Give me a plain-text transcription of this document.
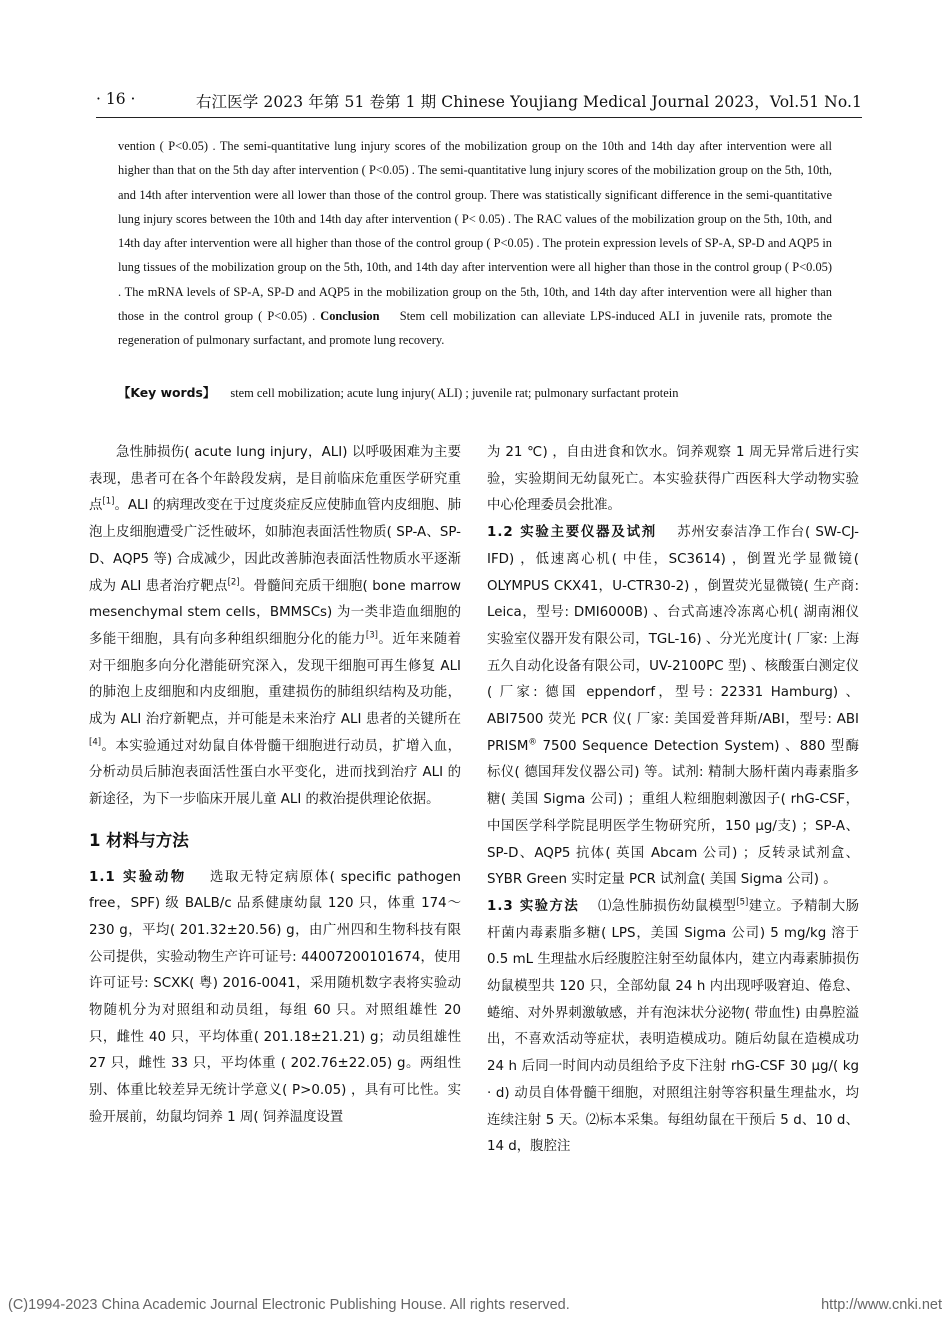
· 16 ·	右江医学 2023 年第 51 卷第 1 期 Chinese Youjiang Medical Journal 2023，Vol.51 No.1

vention ( P<0.05) . The semi-quantitative lung injury scores of the mobilization group on the 10th and 14th day after intervention were all higher than that on the 5th day after intervention ( P<0.05) . The semi-quantitative lung injury scores of the mobilization group on the 5th, 10th, and 14th after intervention were all lower than those of the control group. There was statistically significant difference in the semi-quantitative lung injury scores between the 10th and 14th day after intervention ( P< 0.05) . The RAC values of the mobilization group on the 5th, 10th, and 14th day after intervention were all higher than those of the control group ( P<0.05) . The protein expression levels of SP-A, SP-D and AQP5 in lung tissues of the mobilization group on the 5th, 10th, and 14th day after intervention were all higher than those in the control group ( P<0.05) . The mRNA levels of SP-A, SP-D and AQP5 in the mobilization group on the 5th, 10th, and 14th day after intervention were all higher than those in the control group ( P<0.05) . Conclusion Stem cell mobilization can alleviate LPS-induced ALI in juvenile rats, promote the regeneration of pulmonary surfactant, and promote lung recovery.

【Key words】 stem cell mobilization; acute lung injury( ALI) ; juvenile rat; pulmonary surfactant protein

急性肺损伤( acute lung injury，ALI) 以呼吸困难为主要表现，患者可在各个年龄段发病，是目前临床危重医学研究重点[1]。ALI 的病理改变在于过度炎症反应使肺血管内皮细胞、肺泡上皮细胞遭受广泛性破坏，如肺泡表面活性物质( SP-A、SP-D、AQP5 等) 合成减少，因此改善肺泡表面活性物质水平逐渐成为 ALI 患者治疗靶点[2]。骨髓间充质干细胞( bone marrow mesenchymal stem cells，BMMSCs) 为一类非造血细胞的多能干细胞，具有向多种组织细胞分化的能力[3]。近年来随着对干细胞多向分化潜能研究深入，发现干细胞可再生修复 ALI 的肺泡上皮细胞和内皮细胞，重建损伤的肺组织结构及功能，成为 ALI 治疗新靶点，并可能是未来治疗 ALI 患者的关键所在[4]。本实验通过对幼鼠自体骨髓干细胞进行动员，扩增入血，分析动员后肺泡表面活性蛋白水平变化，进而找到治疗 ALI 的新途径，为下一步临床开展儿童 ALI 的救治提供理论依据。

1 材料与方法

1.1 实验动物 选取无特定病原体( specific pathogen free，SPF) 级 BALB/c 品系健康幼鼠 120 只，体重 174～230 g，平均( 201.32±20.56) g，由广州四和生物科技有限公司提供，实验动物生产许可证号: 44007200101674，使用许可证号: SCXK( 粤) 2016-0041，采用随机数字表将实验动物随机分为对照组和动员组，每组 60 只。对照组雄性 20 只，雌性 40 只，平均体重( 201.18±21.21) g；动员组雄性 27 只，雌性 33 只，平均体重 ( 202.76±22.05) g。两组性别、体重比较差异无统计学意义( P>0.05) ，具有可比性。实验开展前，幼鼠均饲养 1 周( 饲养温度设置

为 21 ℃) ，自由进食和饮水。饲养观察 1 周无异常后进行实验，实验期间无幼鼠死亡。本实验获得广西医科大学动物实验中心伦理委员会批准。

1.2 实验主要仪器及试剂 苏州安泰洁净工作台( SW-CJ-IFD) ，低速离心机( 中佳，SC3614) ，倒置光学显微镜( OLYMPUS CKX41，U-CTR30-2) ，倒置荧光显微镜( 生产商: Leica，型号: DMI6000B) 、台式高速冷冻离心机( 湖南湘仪实验室仪器开发有限公司，TGL-16) 、分光光度计( 厂家: 上海五久自动化设备有限公司，UV-2100PC 型) 、核酸蛋白测定仪( 厂家: 德国 eppendorf，型号: 22331 Hamburg) 、ABI7500 荧光 PCR 仪( 厂家: 美国爱普拜斯/ABI，型号: ABI PRISM® 7500 Sequence Detection System) 、880 型酶标仪( 德国拜发仪器公司) 等。试剂: 精制大肠杆菌内毒素脂多糖( 美国 Sigma 公司) ；重组人粒细胞刺激因子( rhG-CSF，中国医学科学院昆明医学生物研究所，150 μg/支) ；SP-A、SP-D、AQP5 抗体( 英国 Abcam 公司) ；反转录试剂盒、SYBR Green 实时定量 PCR 试剂盒( 美国 Sigma 公司) 。

1.3 实验方法 ⑴急性肺损伤幼鼠模型[5]建立。予精制大肠杆菌内毒素脂多糖( LPS，美国 Sigma 公司) 5 mg/kg 溶于 0.5 mL 生理盐水后经腹腔注射至幼鼠体内，建立内毒素肺损伤幼鼠模型共 120 只，全部幼鼠 24 h 内出现呼吸窘迫、倦怠、蜷缩、对外界刺激敏感，并有泡沫状分泌物( 带血性) 由鼻腔溢出，不喜欢活动等症状，表明造模成功。随后幼鼠在造模成功 24 h 后同一时间内动员组给予皮下注射 rhG-CSF 30 μg/( kg · d) 动员自体骨髓干细胞，对照组注射等容积量生理盐水，均连续注射 5 天。⑵标本采集。每组幼鼠在干预后 5 d、10 d、14 d，腹腔注

(C)1994-2023 China Academic Journal Electronic Publishing House. All rights reserved.	http://www.cnki.net
